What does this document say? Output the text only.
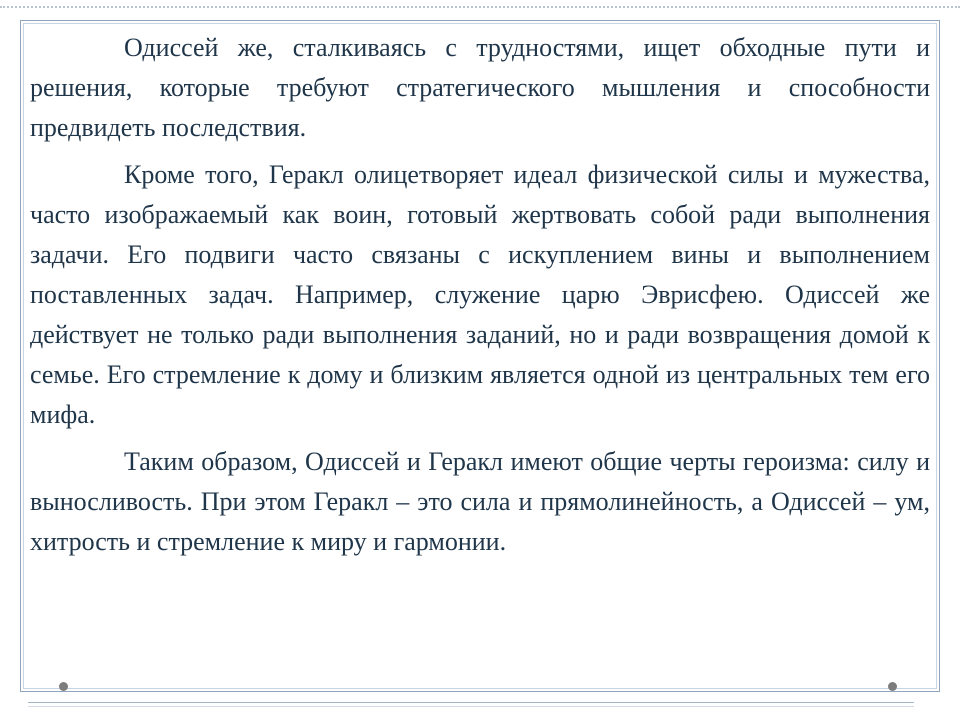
Одиссей же, сталкиваясь с трудностями, ищет обходные пути и решения, которые требуют стратегического мышления и способности предвидеть последствия.

Кроме того, Геракл олицетворяет идеал физической силы и мужества, часто изображаемый как воин, готовый жертвовать собой ради выполнения задачи. Его подвиги часто связаны с искуплением вины и выполнением поставленных задач. Например, служение царю Эврисфею. Одиссей же действует не только ради выполнения заданий, но и ради возвращения домой к семье. Его стремление к дому и близким является одной из центральных тем его мифа.

Таким образом, Одиссей и Геракл имеют общие черты героизма: силу и выносливость. При этом Геракл – это сила и прямолинейность, а Одиссей – ум, хитрость и стремление к миру и гармонии.
